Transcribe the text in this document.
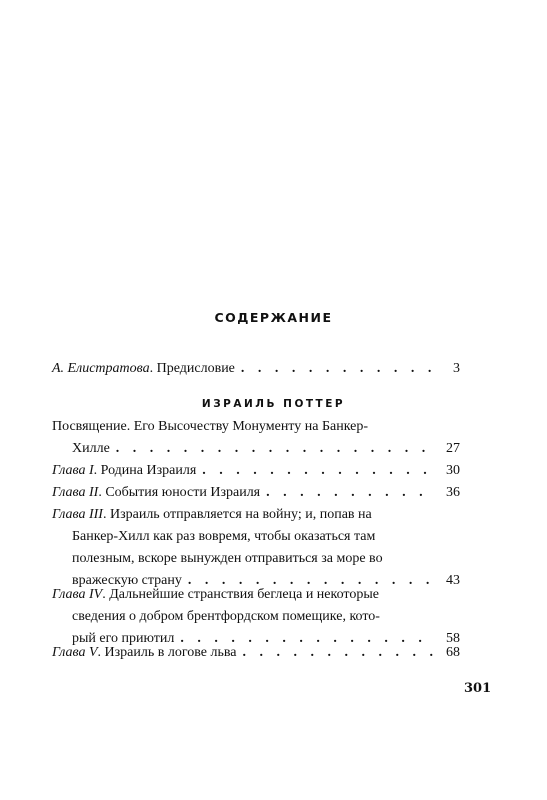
СОДЕРЖАНИЕ
А. Елистратова. Предисловие . . .	3
ИЗРАИЛЬ ПОТТЕР
Посвящение. Его Высочеству Монументу на Банкер-
Хилле . . .	27
Глава I. Родина Израиля . . .	30
Глава II. События юности Израиля . . .	36
Глава III. Израиль отправляется на войну; и, попав на
Банкер-Хилл как раз вовремя, чтобы оказаться там
полезным, вскоре вынужден отправиться за море во
вражескую страну . . .	43
Глава IV. Дальнейшие странствия беглеца и некоторые
сведения о добром брентфордском помещике, кото-
рый его приютил . . .	58
Глава V. Израиль в логове льва . . .	68
301
